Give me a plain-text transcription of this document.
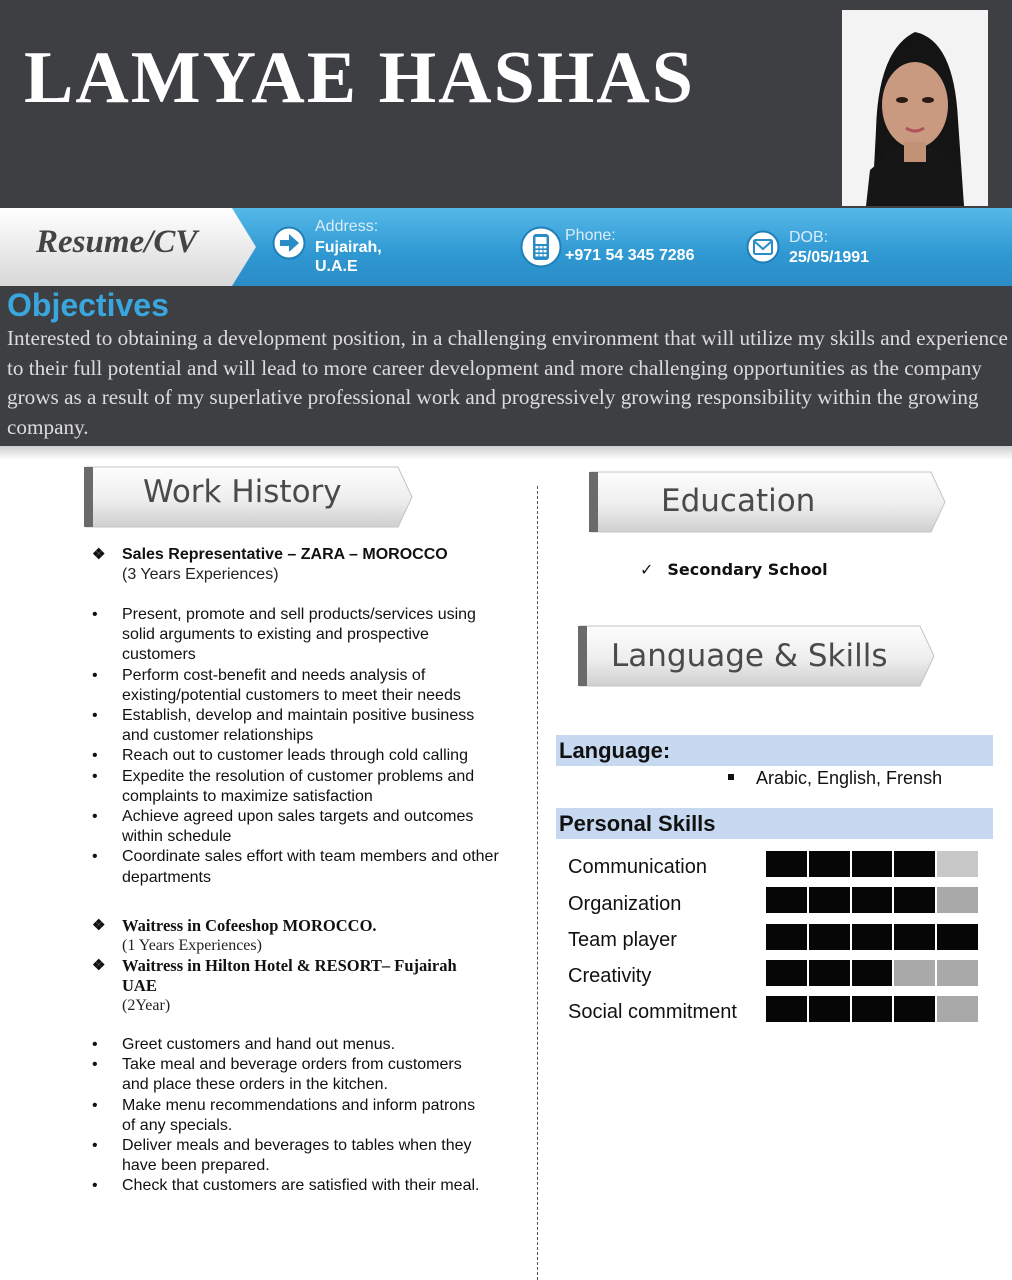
LAMYAE HASHAS
Resume/CV	Address:
Fujairah,
U.A.E
Phone:
+971 54 345 7286
DOB:
25/05/1991
Objectives
Interested to obtaining a development position, in a challenging environment that will utilize my skills and experience to their full potential and will lead to more career development and more challenging opportunities as the company grows as a result of my superlative professional work and progressively growing responsibility within the growing company.
Work History
❖ Sales Representative – ZARA – MOROCCO
(3 Years Experiences)
• Present, promote and sell products/services using solid arguments to existing and prospective customers
• Perform cost-benefit and needs analysis of existing/potential customers to meet their needs
• Establish, develop and maintain positive business and customer relationships
• Reach out to customer leads through cold calling
• Expedite the resolution of customer problems and complaints to maximize satisfaction
• Achieve agreed upon sales targets and outcomes within schedule
• Coordinate sales effort with team members and other departments
❖ Waitress in Cofeeshop MOROCCO.
(1 Years Experiences)
❖ Waitress in Hilton Hotel & RESORT– Fujairah
UAE
(2Year)
• Greet customers and hand out menus.
• Take meal and beverage orders from customers and place these orders in the kitchen.
• Make menu recommendations and inform patrons of any specials.
• Deliver meals and beverages to tables when they have been prepared.
• Check that customers are satisfied with their meal.
Education
✓ Secondary School
Language & Skills
Language:
Arabic, English, Frensh
Personal Skills
Communication
Organization
Team player
Creativity
Social commitment
